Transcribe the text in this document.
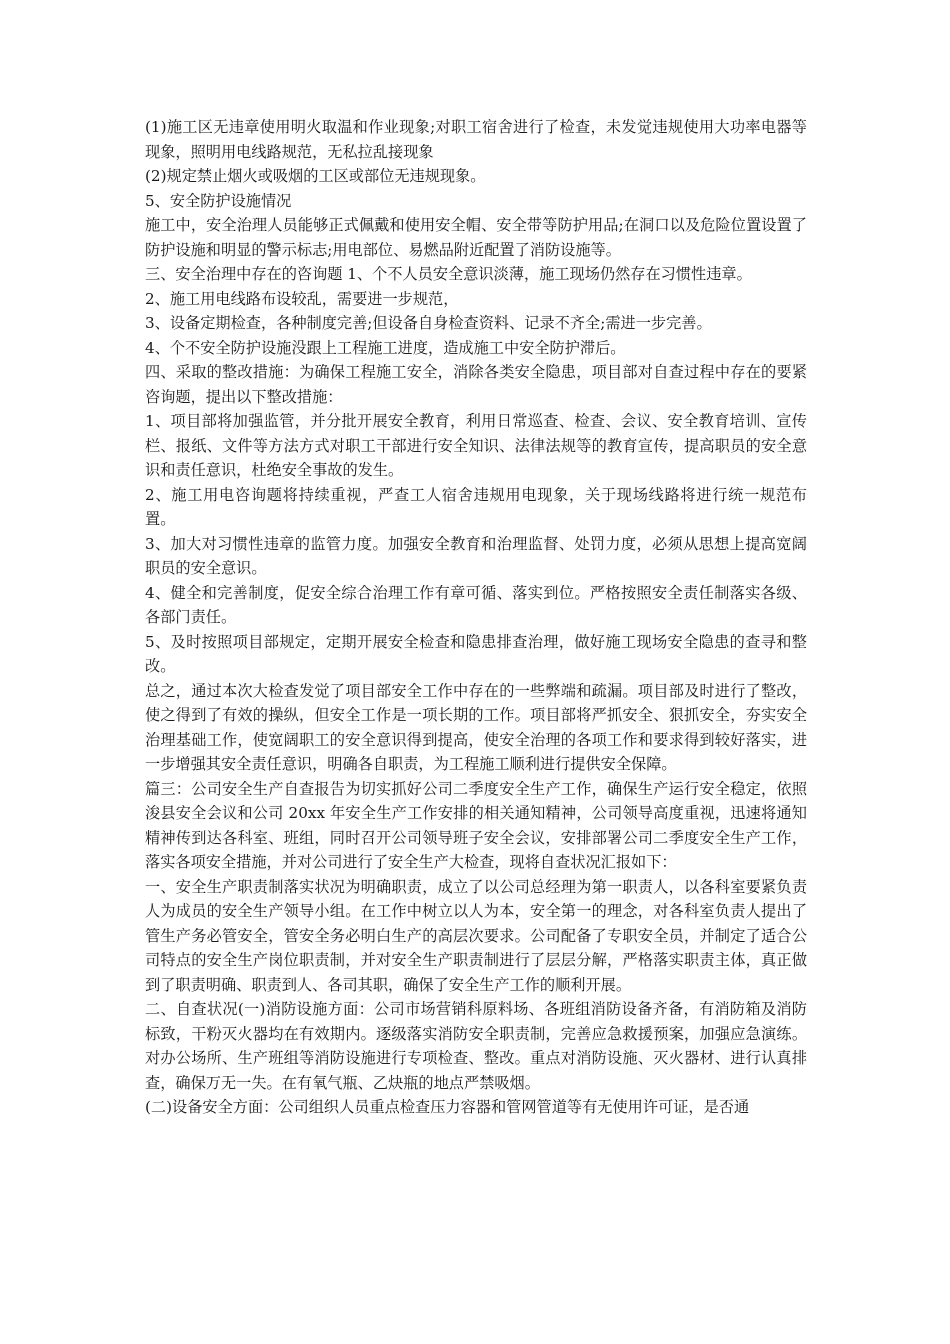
(1)施工区无违章使用明火取温和作业现象;对职工宿舍进行了检查，未发觉违规使用大功率电器等现象，照明用电线路规范，无私拉乱接现象

(2)规定禁止烟火或吸烟的工区或部位无违规现象。

5、安全防护设施情况

施工中，安全治理人员能够正式佩戴和使用安全帽、安全带等防护用品;在洞口以及危险位置设置了防护设施和明显的警示标志;用电部位、易燃品附近配置了消防设施等。

三、安全治理中存在的咨询题 1、个不人员安全意识淡薄，施工现场仍然存在习惯性违章。

2、施工用电线路布设较乱，需要进一步规范，

3、设备定期检查，各种制度完善;但设备自身检查资料、记录不齐全;需进一步完善。

4、个不安全防护设施没跟上工程施工进度，造成施工中安全防护滞后。

四、采取的整改措施：为确保工程施工安全，消除各类安全隐患，项目部对自查过程中存在的要紧咨询题，提出以下整改措施：

1、项目部将加强监管，并分批开展安全教育，利用日常巡查、检查、会议、安全教育培训、宣传栏、报纸、文件等方法方式对职工干部进行安全知识、法律法规等的教育宣传，提高职员的安全意识和责任意识，杜绝安全事故的发生。

2、施工用电咨询题将持续重视，严查工人宿舍违规用电现象，关于现场线路将进行统一规范布置。

3、加大对习惯性违章的监管力度。加强安全教育和治理监督、处罚力度，必须从思想上提高宽阔职员的安全意识。

4、健全和完善制度，促安全综合治理工作有章可循、落实到位。严格按照安全责任制落实各级、各部门责任。

5、及时按照项目部规定，定期开展安全检查和隐患排查治理，做好施工现场安全隐患的查寻和整改。

总之，通过本次大检查发觉了项目部安全工作中存在的一些弊端和疏漏。项目部及时进行了整改，使之得到了有效的操纵，但安全工作是一项长期的工作。项目部将严抓安全、狠抓安全，夯实安全治理基础工作，使宽阔职工的安全意识得到提高，使安全治理的各项工作和要求得到较好落实，进一步增强其安全责任意识，明确各自职责，为工程施工顺利进行提供安全保障。

篇三：公司安全生产自查报告为切实抓好公司二季度安全生产工作，确保生产运行安全稳定，依照浚县安全会议和公司 20xx 年安全生产工作安排的相关通知精神，公司领导高度重视，迅速将通知精神传到达各科室、班组，同时召开公司领导班子安全会议，安排部署公司二季度安全生产工作，落实各项安全措施，并对公司进行了安全生产大检查，现将自查状况汇报如下：

一、安全生产职责制落实状况为明确职责，成立了以公司总经理为第一职责人，以各科室要紧负责人为成员的安全生产领导小组。在工作中树立以人为本，安全第一的理念，对各科室负责人提出了管生产务必管安全，管安全务必明白生产的高层次要求。公司配备了专职安全员，并制定了适合公司特点的安全生产岗位职责制，并对安全生产职责制进行了层层分解，严格落实职责主体，真正做到了职责明确、职责到人、各司其职，确保了安全生产工作的顺利开展。

二、自查状况(一)消防设施方面：公司市场营销科原料场、各班组消防设备齐备，有消防箱及消防标致，干粉灭火器均在有效期内。逐级落实消防安全职责制，完善应急救援预案，加强应急演练。对办公场所、生产班组等消防设施进行专项检查、整改。重点对消防设施、灭火器材、进行认真排查，确保万无一失。在有氧气瓶、乙炔瓶的地点严禁吸烟。

(二)设备安全方面：公司组织人员重点检查压力容器和管网管道等有无使用许可证，是否通
